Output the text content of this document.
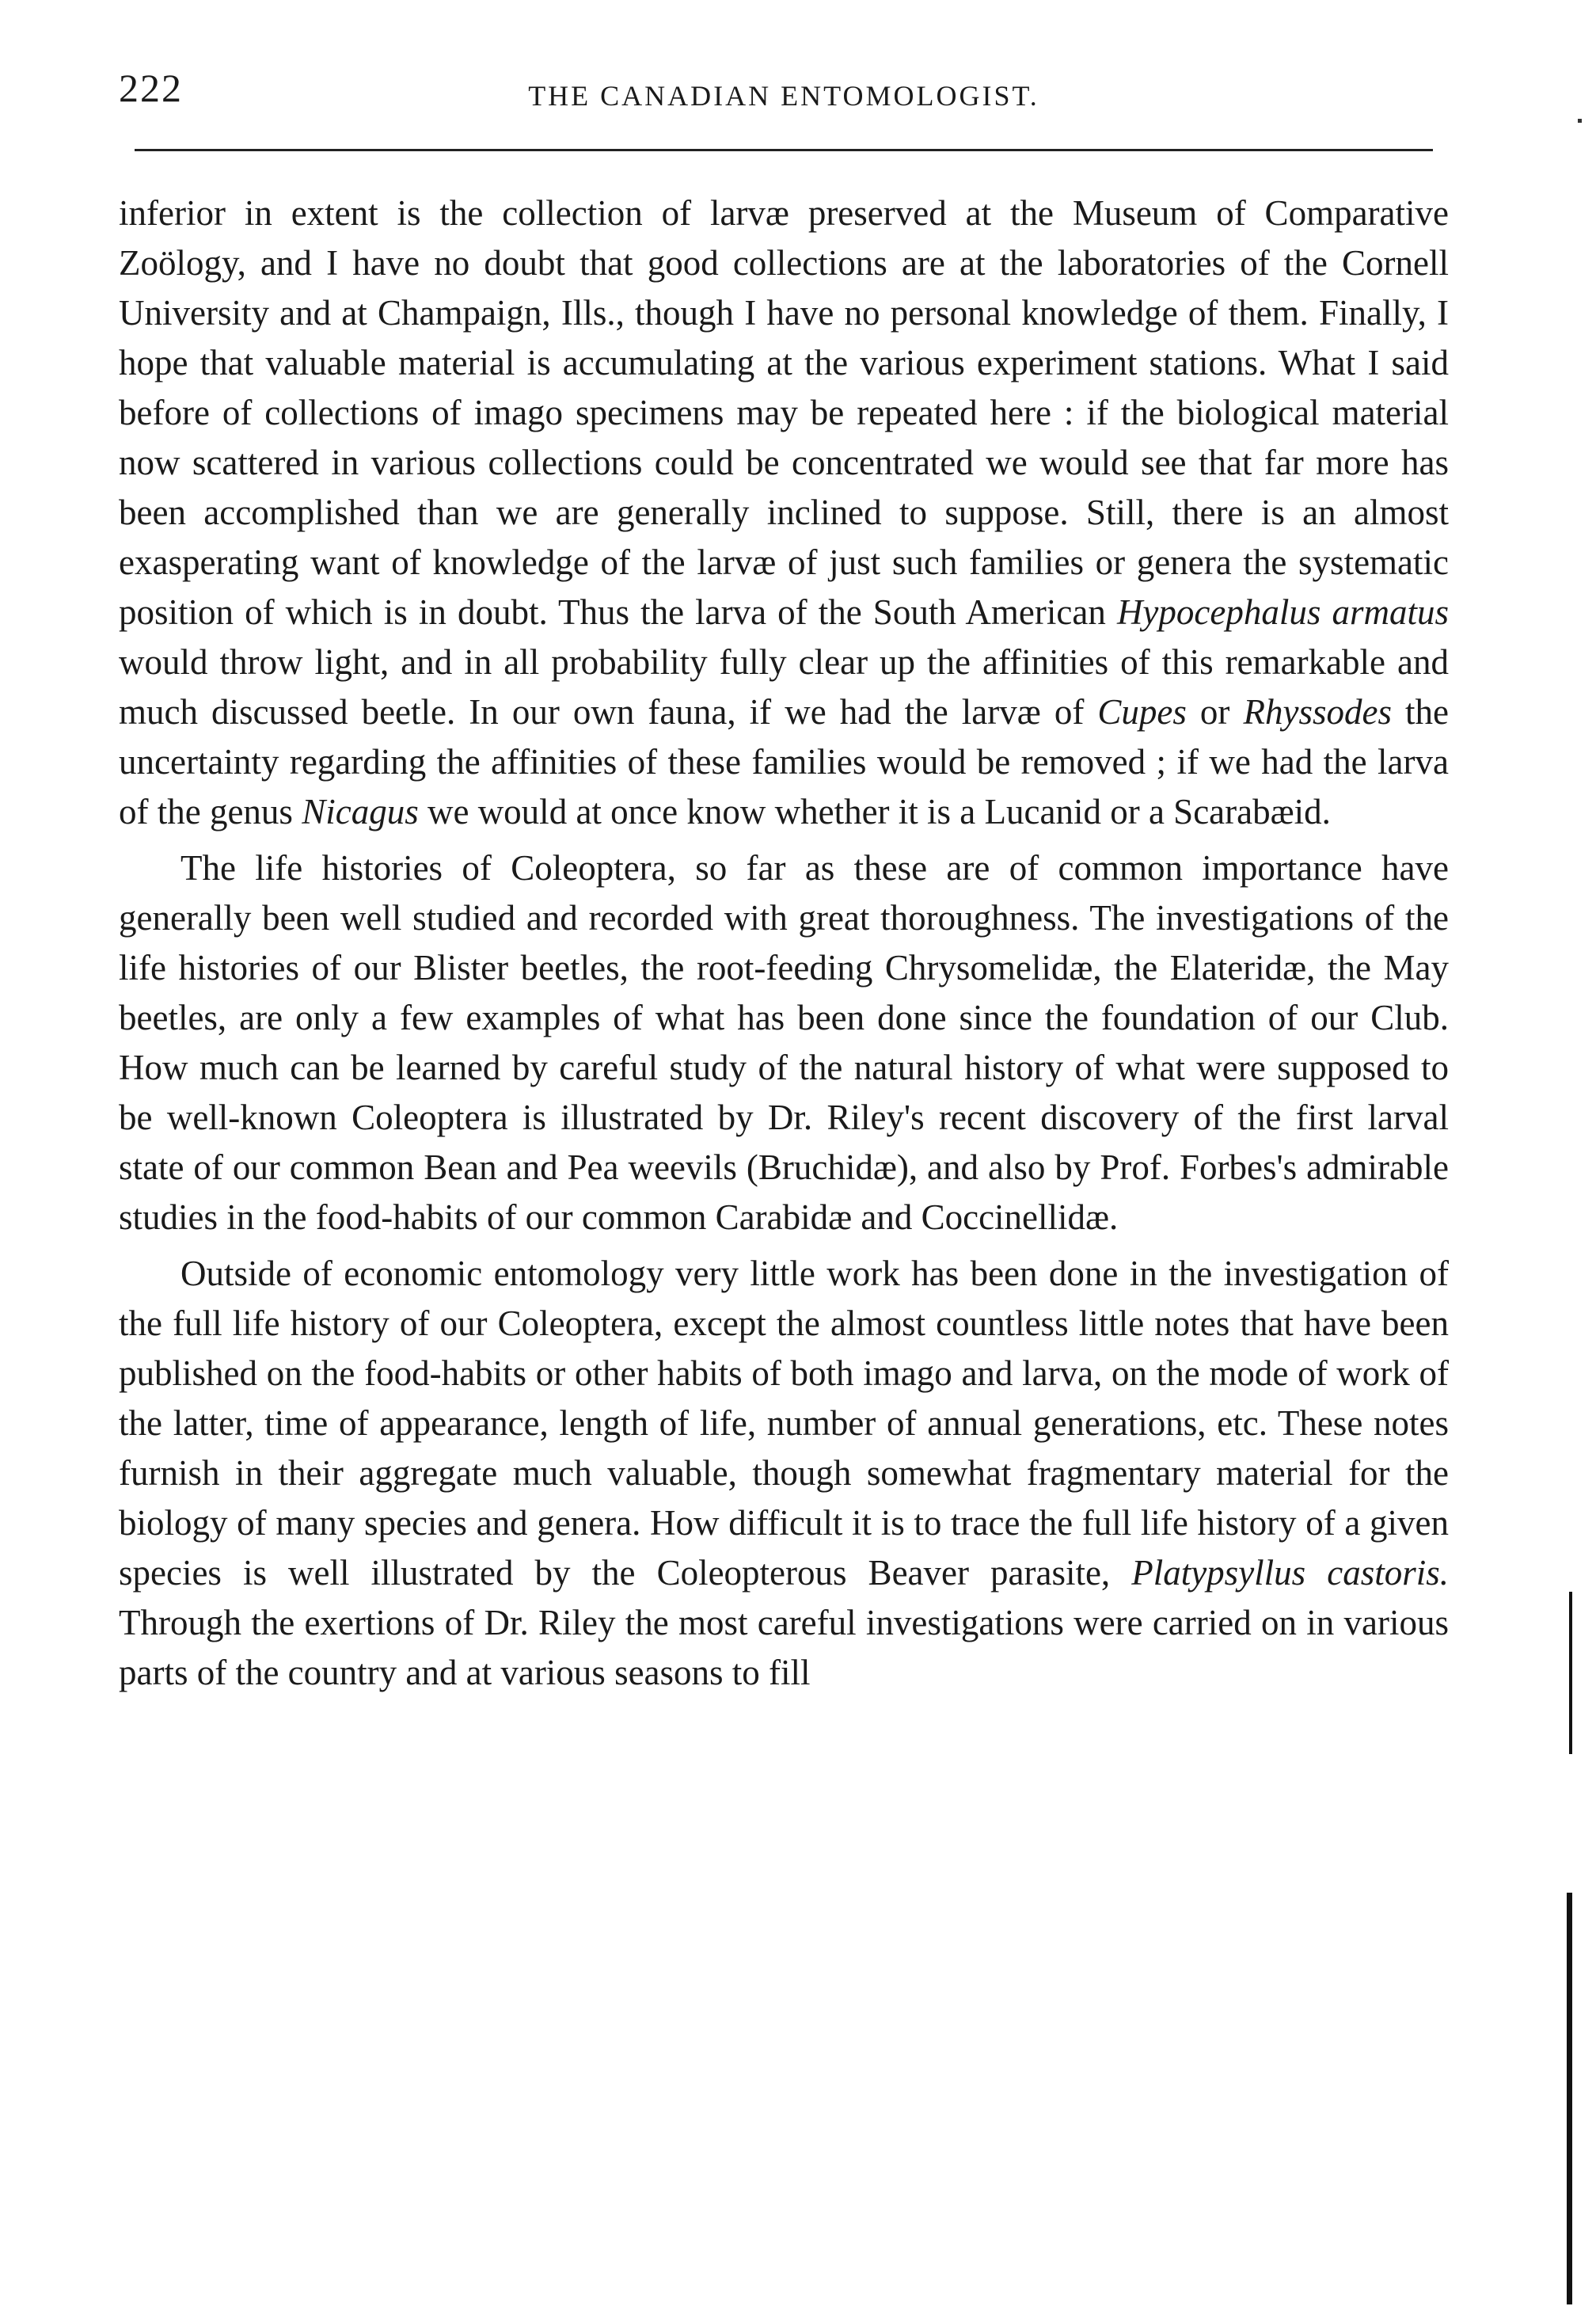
222	THE CANADIAN ENTOMOLOGIST.

inferior in extent is the collection of larvæ preserved at the Museum of Comparative Zoölogy, and I have no doubt that good collections are at the laboratories of the Cornell University and at Champaign, Ills., though I have no personal knowledge of them. Finally, I hope that valuable material is accumulating at the various experiment stations. What I said before of collections of imago specimens may be repeated here : if the biological material now scattered in various collections could be concentrated we would see that far more has been accomplished than we are generally inclined to suppose. Still, there is an almost exasperating want of knowledge of the larvæ of just such families or genera the systematic position of which is in doubt. Thus the larva of the South American Hypocephalus armatus would throw light, and in all probability fully clear up the affinities of this remarkable and much discussed beetle. In our own fauna, if we had the larvæ of Cupes or Rhyssodes the uncertainty regarding the affinities of these families would be removed ; if we had the larva of the genus Nicagus we would at once know whether it is a Lucanid or a Scarabæid.

The life histories of Coleoptera, so far as these are of common importance have generally been well studied and recorded with great thoroughness. The investigations of the life histories of our Blister beetles, the root-feeding Chrysomelidæ, the Elateridæ, the May beetles, are only a few examples of what has been done since the foundation of our Club. How much can be learned by careful study of the natural history of what were supposed to be well-known Coleoptera is illustrated by Dr. Riley's recent discovery of the first larval state of our common Bean and Pea weevils (Bruchidæ), and also by Prof. Forbes's admirable studies in the food-habits of our common Carabidæ and Coccinellidæ.

Outside of economic entomology very little work has been done in the investigation of the full life history of our Coleoptera, except the almost countless little notes that have been published on the food-habits or other habits of both imago and larva, on the mode of work of the latter, time of appearance, length of life, number of annual generations, etc. These notes furnish in their aggregate much valuable, though somewhat fragmentary material for the biology of many species and genera. How difficult it is to trace the full life history of a given species is well illustrated by the Coleopterous Beaver parasite, Platypsyllus castoris. Through the exertions of Dr. Riley the most careful investigations were carried on in various parts of the country and at various seasons to fill
